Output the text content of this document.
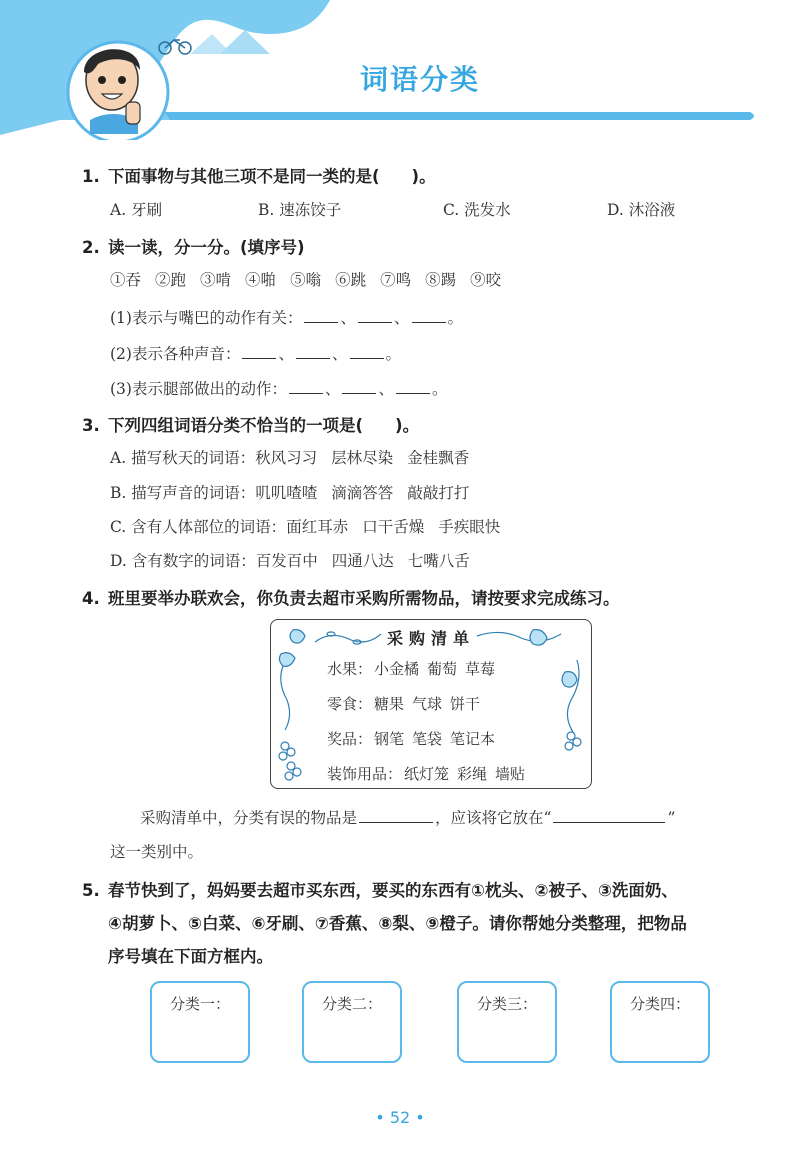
词语分类
1. 下面事物与其他三项不是同一类的是( )。
A. 牙刷	B. 速冻饺子	C. 洗发水	D. 沐浴液
2. 读一读，分一分。(填序号)
①吞 ②跑 ③啃 ④啪 ⑤嗡 ⑥跳 ⑦鸣 ⑧踢 ⑨咬
(1)表示与嘴巴的动作有关： 、 、 。
(2)表示各种声音： 、 、 。
(3)表示腿部做出的动作： 、 、 。
3. 下列四组词语分类不恰当的一项是( )。
A. 描写秋天的词语：秋风习习 层林尽染 金桂飘香
B. 描写声音的词语：叽叽喳喳 滴滴答答 敲敲打打
C. 含有人体部位的词语：面红耳赤 口干舌燥 手疾眼快
D. 含有数字的词语：百发百中 四通八达 七嘴八舌
4. 班里要举办联欢会，你负责去超市采购所需物品，请按要求完成练习。
采购清单
水果： 小金橘 葡萄 草莓
零食： 糖果 气球 饼干
奖品： 钢笔 笔袋 笔记本
装饰用品： 纸灯笼 彩绳 墙贴
采购清单中，分类有误的物品是	，应该将它放在“	”
这一类别中。
5. 春节快到了，妈妈要去超市买东西，要买的东西有①枕头、②被子、③洗面奶、
④胡萝卜、⑤白菜、⑥牙刷、⑦香蕉、⑧梨、⑨橙子。请你帮她分类整理，把物品
序号填在下面方框内。
分类一：	分类二：	分类三：	分类四：
• 52 •
